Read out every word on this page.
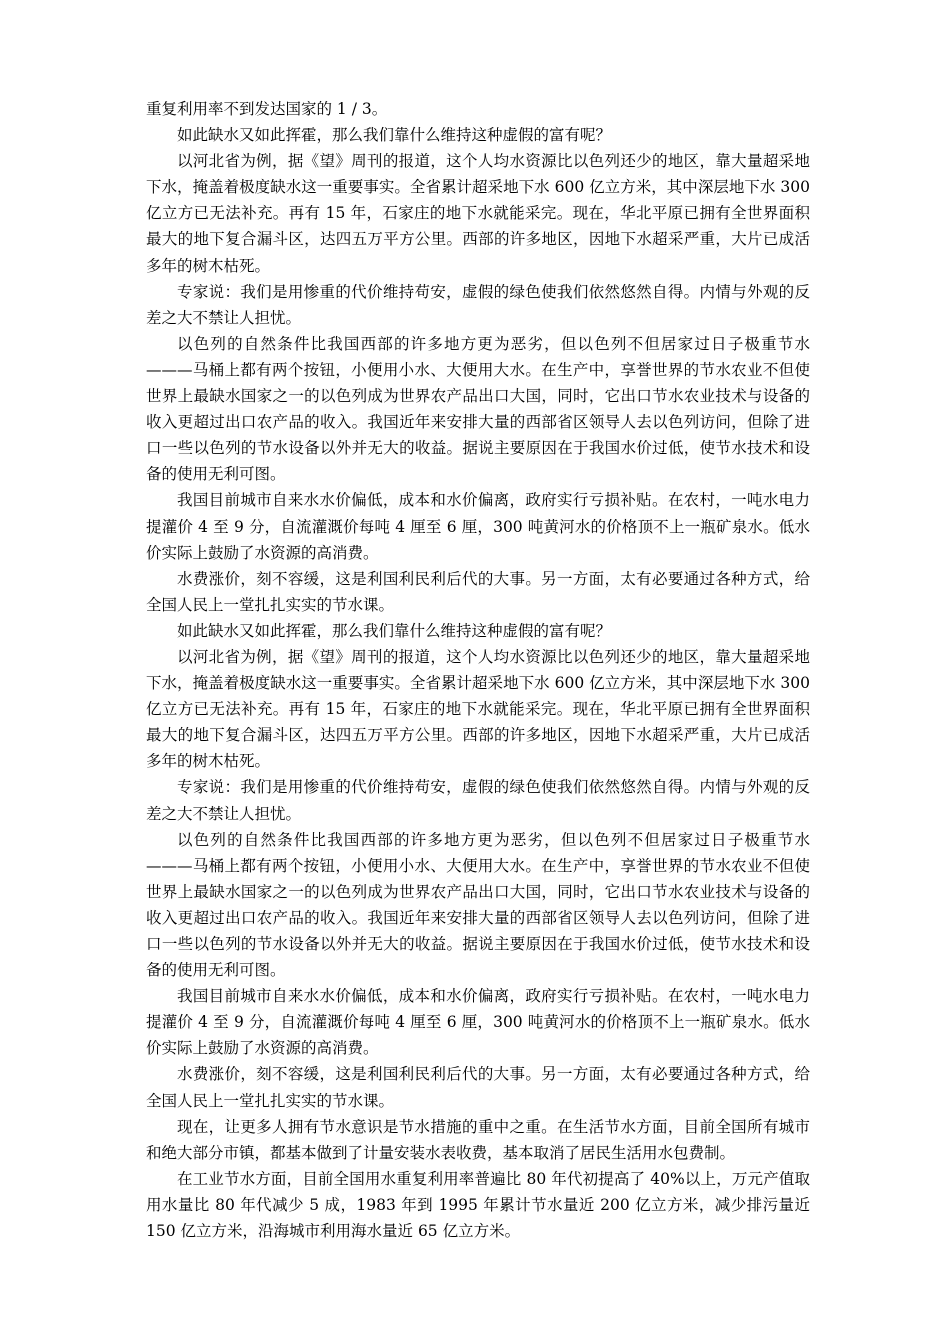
重复利用率不到发达国家的 1 / 3。

如此缺水又如此挥霍，那么我们靠什么维持这种虚假的富有呢？

以河北省为例，据《望》周刊的报道，这个人均水资源比以色列还少的地区，靠大量超采地下水，掩盖着极度缺水这一重要事实。全省累计超采地下水 600 亿立方米，其中深层地下水 300 亿立方已无法补充。再有 15 年，石家庄的地下水就能采完。现在，华北平原已拥有全世界面积最大的地下复合漏斗区，达四五万平方公里。西部的许多地区，因地下水超采严重，大片已成活多年的树木枯死。

专家说：我们是用惨重的代价维持苟安，虚假的绿色使我们依然悠然自得。内情与外观的反差之大不禁让人担忧。

以色列的自然条件比我国西部的许多地方更为恶劣，但以色列不但居家过日子极重节水———马桶上都有两个按钮，小便用小水、大便用大水。在生产中，享誉世界的节水农业不但使世界上最缺水国家之一的以色列成为世界农产品出口大国，同时，它出口节水农业技术与设备的收入更超过出口农产品的收入。我国近年来安排大量的西部省区领导人去以色列访问，但除了进口一些以色列的节水设备以外并无大的收益。据说主要原因在于我国水价过低，使节水技术和设备的使用无利可图。

我国目前城市自来水水价偏低，成本和水价偏离，政府实行亏损补贴。在农村，一吨水电力提灌价 4 至 9 分，自流灌溉价每吨 4 厘至 6 厘，300 吨黄河水的价格顶不上一瓶矿泉水。低水价实际上鼓励了水资源的高消费。

水费涨价，刻不容缓，这是利国利民利后代的大事。另一方面，太有必要通过各种方式，给全国人民上一堂扎扎实实的节水课。

如此缺水又如此挥霍，那么我们靠什么维持这种虚假的富有呢？

以河北省为例，据《望》周刊的报道，这个人均水资源比以色列还少的地区，靠大量超采地下水，掩盖着极度缺水这一重要事实。全省累计超采地下水 600 亿立方米，其中深层地下水 300 亿立方已无法补充。再有 15 年，石家庄的地下水就能采完。现在，华北平原已拥有全世界面积最大的地下复合漏斗区，达四五万平方公里。西部的许多地区，因地下水超采严重，大片已成活多年的树木枯死。

专家说：我们是用惨重的代价维持苟安，虚假的绿色使我们依然悠然自得。内情与外观的反差之大不禁让人担忧。

以色列的自然条件比我国西部的许多地方更为恶劣，但以色列不但居家过日子极重节水———马桶上都有两个按钮，小便用小水、大便用大水。在生产中，享誉世界的节水农业不但使世界上最缺水国家之一的以色列成为世界农产品出口大国，同时，它出口节水农业技术与设备的收入更超过出口农产品的收入。我国近年来安排大量的西部省区领导人去以色列访问，但除了进口一些以色列的节水设备以外并无大的收益。据说主要原因在于我国水价过低，使节水技术和设备的使用无利可图。

我国目前城市自来水水价偏低，成本和水价偏离，政府实行亏损补贴。在农村，一吨水电力提灌价 4 至 9 分，自流灌溉价每吨 4 厘至 6 厘，300 吨黄河水的价格顶不上一瓶矿泉水。低水价实际上鼓励了水资源的高消费。

水费涨价，刻不容缓，这是利国利民利后代的大事。另一方面，太有必要通过各种方式，给全国人民上一堂扎扎实实的节水课。

现在，让更多人拥有节水意识是节水措施的重中之重。在生活节水方面，目前全国所有城市和绝大部分市镇，都基本做到了计量安装水表收费，基本取消了居民生活用水包费制。

在工业节水方面，目前全国用水重复利用率普遍比 80 年代初提高了 40%以上，万元产值取用水量比 80 年代减少 5 成，1983 年到 1995 年累计节水量近 200 亿立方米，减少排污量近 150 亿立方米，沿海城市利用海水量近 65 亿立方米。
